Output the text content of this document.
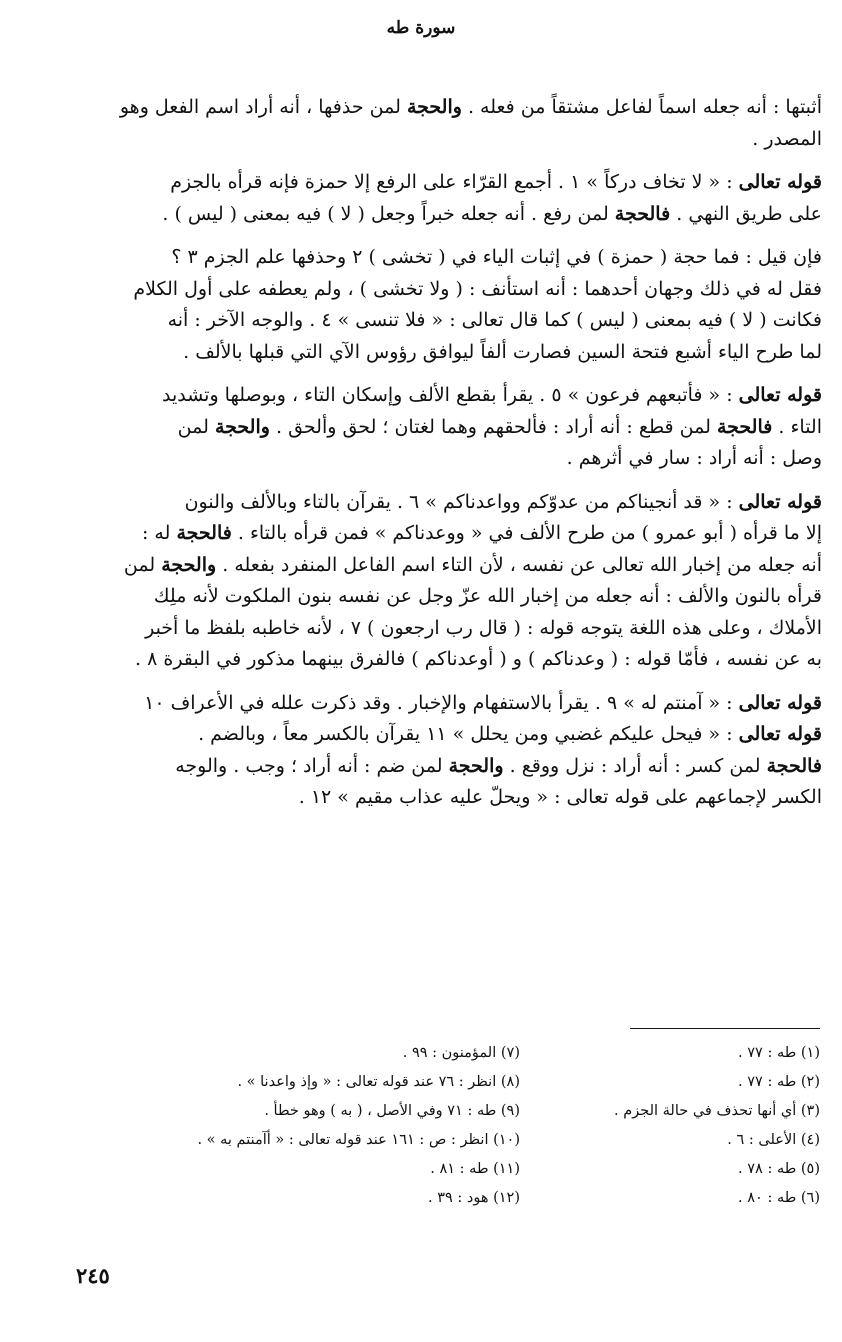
سورة طه
أثبتها : أنه جعله اسماً لفاعل مشتقاً من فعله . والحجة لمن حذفها ، أنه أراد اسم الفعل وهو
المصدر .
قوله تعالى : « لا تخاف دركاً » ١ . أجمع القرّاء على الرفع إلا حمزة فإنه قرأه بالجزم
على طريق النهي . فالحجة لمن رفع . أنه جعله خبراً وجعل ( لا ) فيه بمعنى ( ليس ) .
فإن قيل : فما حجة ( حمزة ) في إثبات الياء في ( تخشى ) ٢ وحذفها علم الجزم ٣ ؟
فقل له في ذلك وجهان أحدهما : أنه استأنف : ( ولا تخشى ) ، ولم يعطفه على أول الكلام
فكانت ( لا ) فيه بمعنى ( ليس ) كما قال تعالى : « فلا تنسى » ٤ . والوجه الآخر : أنه
لما طرح الياء أشبع فتحة السين فصارت ألفاً ليوافق رؤوس الآي التي قبلها بالألف .
قوله تعالى : « فأتبعهم فرعون » ٥ . يقرأ بقطع الألف وإسكان التاء ، وبوصلها وتشديد
التاء . فالحجة لمن قطع : أنه أراد : فألحقهم وهما لغتان ؛ لحق وألحق . والحجة لمن
وصل : أنه أراد : سار في أثرهم .
قوله تعالى : « قد أنجيناكم من عدوّكم وواعدناكم » ٦ . يقرآن بالتاء وبالألف والنون
إلا ما قرأه ( أبو عمرو ) من طرح الألف في « ووعدناكم » فمن قرأه بالتاء . فالحجة له :
أنه جعله من إخبار الله تعالى عن نفسه ، لأن التاء اسم الفاعل المنفرد بفعله . والحجة لمن
قرأه بالنون والألف : أنه جعله من إخبار الله عزّ وجل عن نفسه بنون الملكوت لأنه ملِك
الأملاك ، وعلى هذه اللغة يتوجه قوله : ( قال رب ارجعون ) ٧ ، لأنه خاطبه بلفظ ما أخبر
به عن نفسه ، فأمّا قوله : ( وعدناكم ) و ( أوعدناكم ) فالفرق بينهما مذكور في البقرة ٨ .
قوله تعالى : « آمنتم له » ٩ . يقرأ بالاستفهام والإخبار . وقد ذكرت علله في الأعراف ١٠
قوله تعالى : « فيحل عليكم غضبي ومن يحلل » ١١ يقرآن بالكسر معاً ، وبالضم .
فالحجة لمن كسر : أنه أراد : نزل ووقع . والحجة لمن ضم : أنه أراد ؛ وجب . والوجه
الكسر لإجماعهم على قوله تعالى : « ويحلّ عليه عذاب مقيم » ١٢ .
(١) طه : ٧٧ .
(٧) المؤمنون : ٩٩ .
(٢) طه : ٧٧ .
(٨) انظر : ٧٦ عند قوله تعالى : « وإذ واعدنا » .
(٣) أي أنها تحذف في حالة الجزم .
(٩) طه : ٧١ وفي الأصل ، ( به ) وهو خطأ .
(٤) الأعلى : ٦ .
(١٠) انظر : ص : ١٦١ عند قوله تعالى : « أآمنتم به » .
(٥) طه : ٧٨ .
(١١) طه : ٨١ .
(٦) طه : ٨٠ .
(١٢) هود : ٣٩ .
٢٤٥
